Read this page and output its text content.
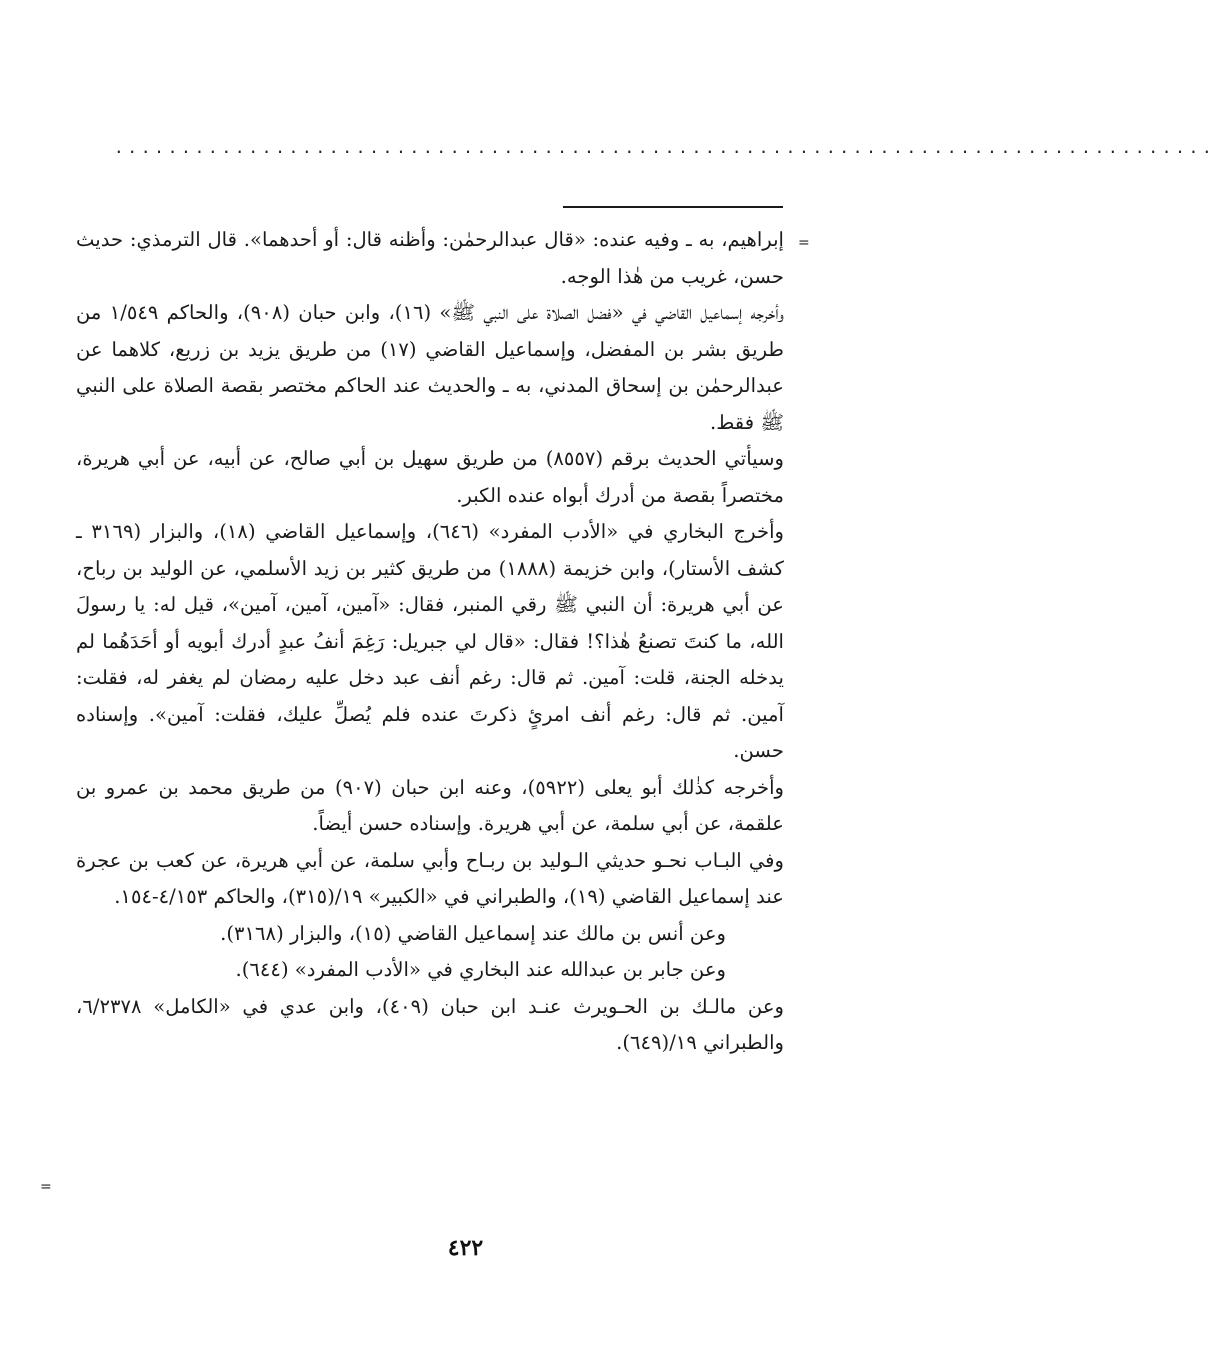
..................................................................................
=

إبراهيم، به ـ وفيه عنده: «قال عبدالرحمٰن: وأظنه قال: أو أحدهما». قال الترمذي: حديث حسن، غريب من هٰذا الوجه.

وأخرجه إسماعيل القاضي في «فضل الصلاة على النبي ﷺ» (١٦)، وابن حبان (٩٠٨)، والحاكم ١/٥٤٩ من طريق بشر بن المفضل، وإسماعيل القاضي (١٧) من طريق يزيد بن زريع، كلاهما عن عبدالرحمٰن بن إسحاق المدني، به ـ والحديث عند الحاكم مختصر بقصة الصلاة على النبي ﷺ فقط.

وسيأتي الحديث برقم (٨٥٥٧) من طريق سهيل بن أبي صالح، عن أبيه، عن أبي هريرة، مختصراً بقصة من أدرك أبواه عنده الكبر.

وأخرج البخاري في «الأدب المفرد» (٦٤٦)، وإسماعيل القاضي (١٨)، والبزار (٣١٦٩ ـ كشف الأستار)، وابن خزيمة (١٨٨٨) من طريق كثير بن زيد الأسلمي، عن الوليد بن رباح، عن أبي هريرة: أن النبي ﷺ رقي المنبر، فقال: «آمين، آمين، آمين»، قيل له: يا رسولَ الله، ما كنتَ تصنعُ هٰذا؟! فقال: «قال لي جبريل: رَغِمَ أنفُ عبدٍ أدرك أبويه أو أحَدَهُما لم يدخله الجنة، قلت: آمين. ثم قال: رغم أنف عبد دخل عليه رمضان لم يغفر له، فقلت: آمين. ثم قال: رغم أنف امرئٍ ذكرتَ عنده فلم يُصلِّ عليك، فقلت: آمين». وإسناده حسن.

وأخرجه كذٰلك أبو يعلى (٥٩٢٢)، وعنه ابن حبان (٩٠٧) من طريق محمد بن عمرو بن علقمة، عن أبي سلمة، عن أبي هريرة. وإسناده حسن أيضاً.

وفي البـاب نحـو حديثي الـوليد بن ربـاح وأبي سلمة، عن أبي هريرة، عن كعب بن عجرة عند إسماعيل القاضي (١٩)، والطبراني في «الكبير» ١٩/(٣١٥)، والحاكم ٤/١٥٣-١٥٤.

وعن أنس بن مالك عند إسماعيل القاضي (١٥)، والبزار (٣١٦٨).

وعن جابر بن عبدالله عند البخاري في «الأدب المفرد» (٦٤٤).

وعن مالـك بن الحـويرث عنـد ابن حبان (٤٠٩)، وابن عدي في «الكامل» ٦/٢٣٧٨، والطبراني ١٩/(٦٤٩).

=
٤٢٢
